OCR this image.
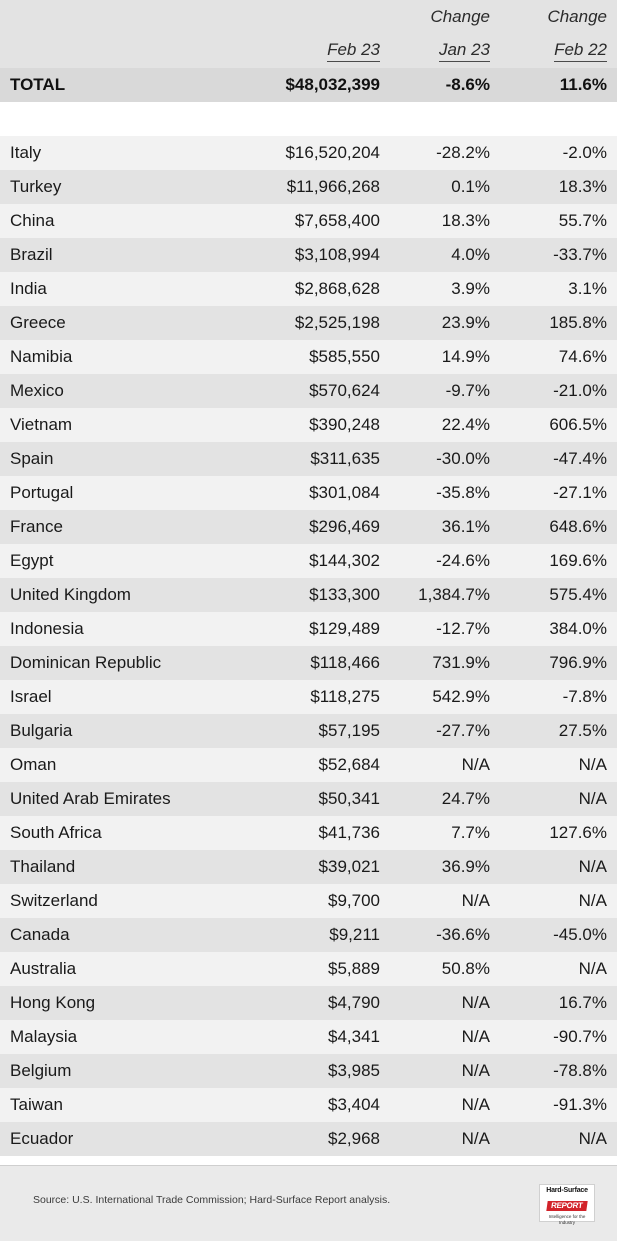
		Change	Change
	Feb 23	Jan 23	Feb 22
TOTAL	$48,032,399	-8.6%	11.6%

Italy	$16,520,204	-28.2%	-2.0%
Turkey	$11,966,268	0.1%	18.3%
China	$7,658,400	18.3%	55.7%
Brazil	$3,108,994	4.0%	-33.7%
India	$2,868,628	3.9%	3.1%
Greece	$2,525,198	23.9%	185.8%
Namibia	$585,550	14.9%	74.6%
Mexico	$570,624	-9.7%	-21.0%
Vietnam	$390,248	22.4%	606.5%
Spain	$311,635	-30.0%	-47.4%
Portugal	$301,084	-35.8%	-27.1%
France	$296,469	36.1%	648.6%
Egypt	$144,302	-24.6%	169.6%
United Kingdom	$133,300	1,384.7%	575.4%
Indonesia	$129,489	-12.7%	384.0%
Dominican Republic	$118,466	731.9%	796.9%
Israel	$118,275	542.9%	-7.8%
Bulgaria	$57,195	-27.7%	27.5%
Oman	$52,684	N/A	N/A
United Arab Emirates	$50,341	24.7%	N/A
South Africa	$41,736	7.7%	127.6%
Thailand	$39,021	36.9%	N/A
Switzerland	$9,700	N/A	N/A
Canada	$9,211	-36.6%	-45.0%
Australia	$5,889	50.8%	N/A
Hong Kong	$4,790	N/A	16.7%
Malaysia	$4,341	N/A	-90.7%
Belgium	$3,985	N/A	-78.8%
Taiwan	$3,404	N/A	-91.3%
Ecuador	$2,968	N/A	N/A
Source: U.S. International Trade Commission; Hard-Surface Report analysis.
Hard-Surface
REPORT
Intelligence for the Industry
